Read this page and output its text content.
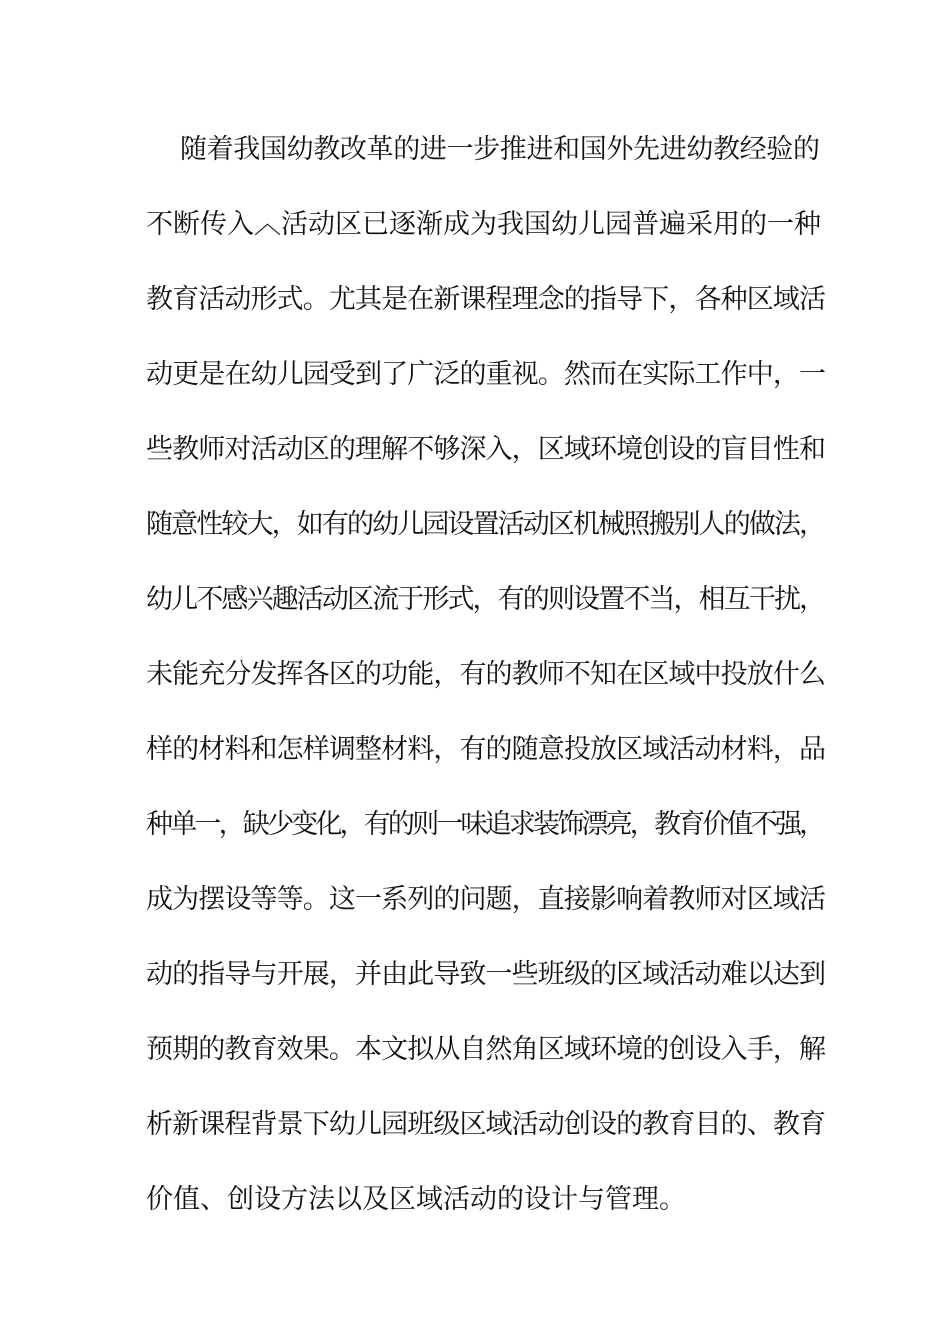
随着我国幼教改革的进一步推进和国外先进幼教经验的
不断传入︿活动区已逐渐成为我国幼儿园普遍采用的一种
教育活动形式。尤其是在新课程理念的指导下，各种区域活
动更是在幼儿园受到了广泛的重视。然而在实际工作中，一
些教师对活动区的理解不够深入，区域环境创设的盲目性和
随意性较大，如有的幼儿园设置活动区机械照搬别人的做法，
幼儿不感兴趣活动区流于形式，有的则设置不当，相互干扰，
未能充分发挥各区的功能，有的教师不知在区域中投放什么
样的材料和怎样调整材料，有的随意投放区域活动材料，品
种单一，缺少变化，有的则一味追求装饰漂亮，教育价值不强，
成为摆设等等。这一系列的问题，直接影响着教师对区域活
动的指导与开展，并由此导致一些班级的区域活动难以达到
预期的教育效果。本文拟从自然角区域环境的创设入手，解
析新课程背景下幼儿园班级区域活动创设的教育目的、教育
价值、创设方法以及区域活动的设计与管理。
